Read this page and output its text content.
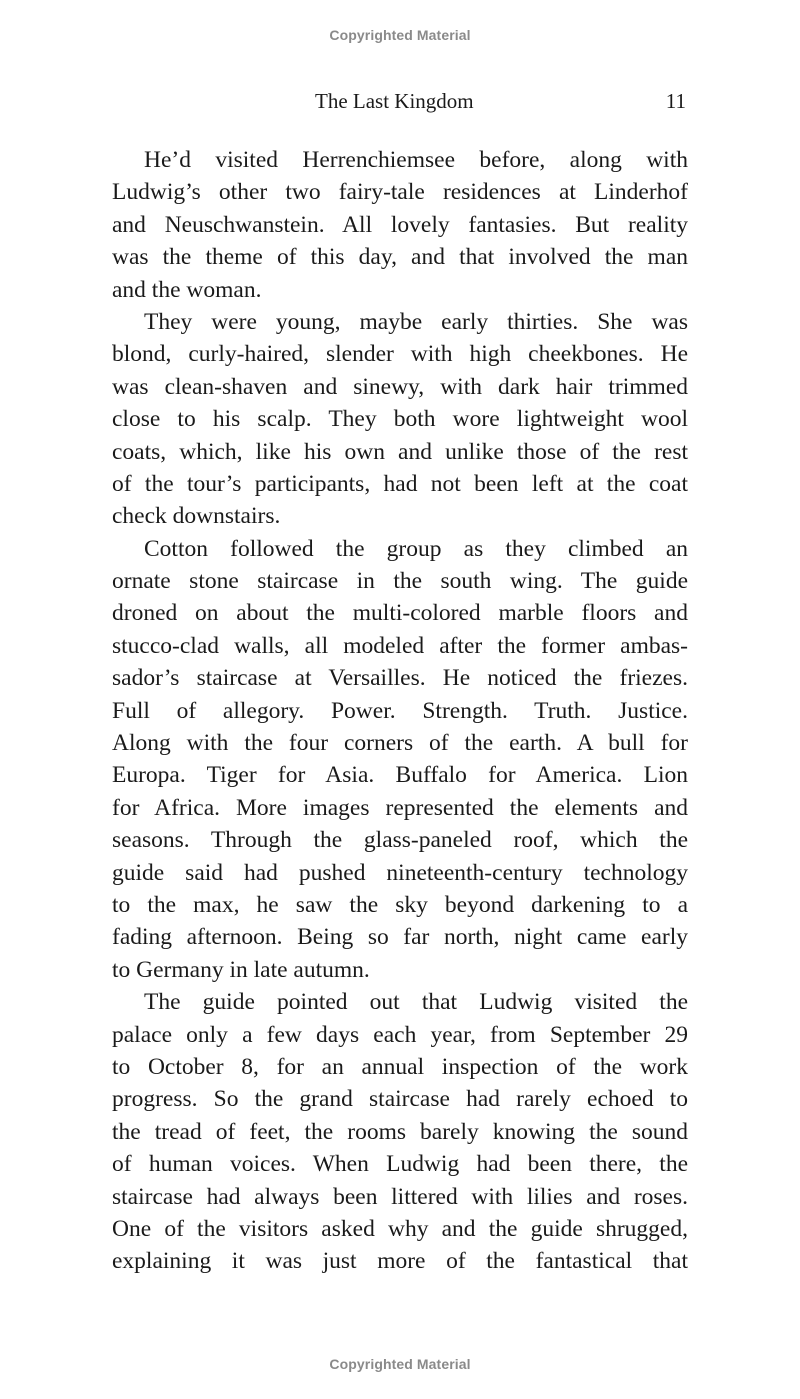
Copyrighted Material
The Last Kingdom	11
He’d visited Herrenchiemsee before, along with
Ludwig’s other two fairy-tale residences at Linderhof
and Neuschwanstein. All lovely fantasies. But reality
was the theme of this day, and that involved the man
and the woman.
They were young, maybe early thirties. She was
blond, curly-haired, slender with high cheekbones. He
was clean-shaven and sinewy, with dark hair trimmed
close to his scalp. They both wore lightweight wool
coats, which, like his own and unlike those of the rest
of the tour’s participants, had not been left at the coat
check downstairs.
Cotton followed the group as they climbed an
ornate stone staircase in the south wing. The guide
droned on about the multi-colored marble floors and
stucco-clad walls, all modeled after the former ambas-
sador’s staircase at Versailles. He noticed the friezes.
Full of allegory. Power. Strength. Truth. Justice.
Along with the four corners of the earth. A bull for
Europa. Tiger for Asia. Buffalo for America. Lion
for Africa. More images represented the elements and
seasons. Through the glass-paneled roof, which the
guide said had pushed nineteenth-century technology
to the max, he saw the sky beyond darkening to a
fading afternoon. Being so far north, night came early
to Germany in late autumn.
The guide pointed out that Ludwig visited the
palace only a few days each year, from September 29
to October 8, for an annual inspection of the work
progress. So the grand staircase had rarely echoed to
the tread of feet, the rooms barely knowing the sound
of human voices. When Ludwig had been there, the
staircase had always been littered with lilies and roses.
One of the visitors asked why and the guide shrugged,
explaining it was just more of the fantastical that
Copyrighted Material
